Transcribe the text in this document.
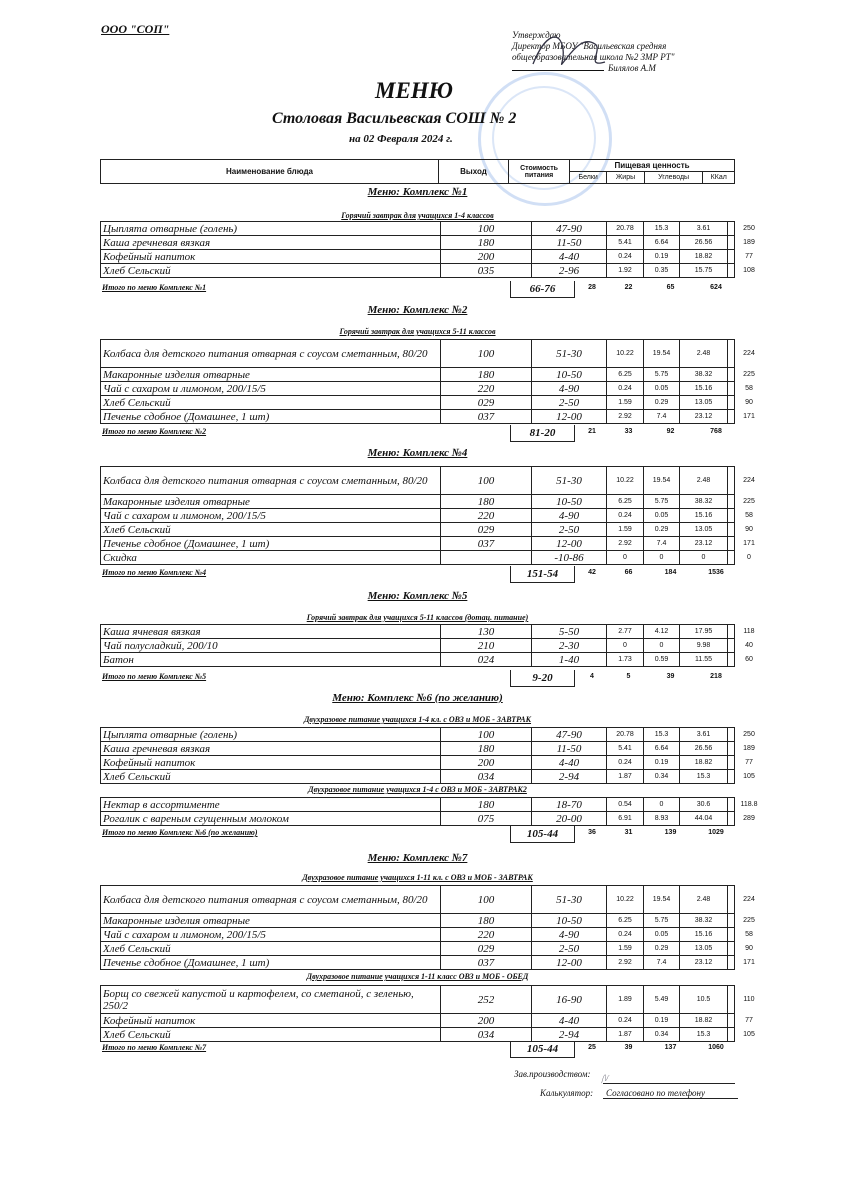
ООО "СОП"	Утверждаю
Директор МБОУ "Васильевская средняя
общеобразовательная школа №2 ЗМР РТ"
Билялов А.М
МЕНЮ
Столовая Васильевская СОШ № 2
на 02 Февраля 2024 г.
Наименование блюда	Выход	Стоимость питания	Пищевая ценность			
			Белки	Жиры	Углеводы	ККал
Меню: Комплекс №1
Горячий завтрак для учащихся 1-4 классов
Цыплята отварные (голень)	100	47-90	20.78	15.3	3.61	250
Каша гречневая вязкая	180	11-50	5.41	6.64	26.56	189
Кофейный напиток	200	4-40	0.24	0.19	18.82	77
Хлеб Сельский	035	2-96	1.92	0.35	15.75	108
Итого по меню Комплекс №1	66-76	28	22	65	624
Меню: Комплекс №2
Горячий завтрак для учащихся 5-11 классов
Колбаса для детского питания отварная с соусом сметанным, 80/20	100	51-30	10.22	19.54	2.48	224
Макаронные изделия отварные	180	10-50	6.25	5.75	38.32	225
Чай с сахаром и лимоном, 200/15/5	220	4-90	0.24	0.05	15.16	58
Хлеб Сельский	029	2-50	1.59	0.29	13.05	90
Печенье сдобное (Домашнее, 1 шт)	037	12-00	2.92	7.4	23.12	171
Итого по меню Комплекс №2	81-20	21	33	92	768
Меню: Комплекс №4
Колбаса для детского питания отварная с соусом сметанным, 80/20	100	51-30	10.22	19.54	2.48	224
Макаронные изделия отварные	180	10-50	6.25	5.75	38.32	225
Чай с сахаром и лимоном, 200/15/5	220	4-90	0.24	0.05	15.16	58
Хлеб Сельский	029	2-50	1.59	0.29	13.05	90
Печенье сдобное (Домашнее, 1 шт)	037	12-00	2.92	7.4	23.12	171
Скидка	-10-86	0	0	0	0
Итого по меню Комплекс №4	151-54	42	66	184	1536
Меню: Комплекс №5
Горячий завтрак для учащихся 5-11 классов (дотац. питание)
Каша ячневая вязкая	130	5-50	2.77	4.12	17.95	118
Чай полусладкий, 200/10	210	2-30	0	0	9.98	40
Батон	024	1-40	1.73	0.59	11.55	60
Итого по меню Комплекс №5	9-20	4	5	39	218
Меню: Комплекс №6 (по желанию)
Двухразовое питание учащихся 1-4 кл. с ОВЗ и МОБ - ЗАВТРАК
Цыплята отварные (голень)	100	47-90	20.78	15.3	3.61	250
Каша гречневая вязкая	180	11-50	5.41	6.64	26.56	189
Кофейный напиток	200	4-40	0.24	0.19	18.82	77
Хлеб Сельский	034	2-94	1.87	0.34	15.3	105
Двухразовое питание учащихся 1-4 с ОВЗ и МОБ - ЗАВТРАК2
Нектар в ассортименте	180	18-70	0.54	0	30.6	118.8
Рогалик с вареным сгущенным молоком	075	20-00	6.91	8.93	44.04	289
Итого по меню Комплекс №6 (по желанию)	105-44	36	31	139	1029
Меню: Комплекс №7
Двухразовое питание учащихся 1-11 кл. с ОВЗ и МОБ - ЗАВТРАК
Колбаса для детского питания отварная с соусом сметанным, 80/20	100	51-30	10.22	19.54	2.48	224
Макаронные изделия отварные	180	10-50	6.25	5.75	38.32	225
Чай с сахаром и лимоном, 200/15/5	220	4-90	0.24	0.05	15.16	58
Хлеб Сельский	029	2-50	1.59	0.29	13.05	90
Печенье сдобное (Домашнее, 1 шт)	037	12-00	2.92	7.4	23.12	171
Двухразовое питание учащихся 1-11 класс ОВЗ и МОБ - ОБЕД
Борщ со свежей капустой и картофелем, со сметаной, с зеленью, 250/2	252	16-90	1.89	5.49	10.5	110
Кофейный напиток	200	4-40	0.24	0.19	18.82	77
Хлеб Сельский	034	2-94	1.87	0.34	15.3	105
Итого по меню Комплекс №7	105-44	25	39	137	1060
Зав.производством:
Калькулятор:	Согласовано по телефону
